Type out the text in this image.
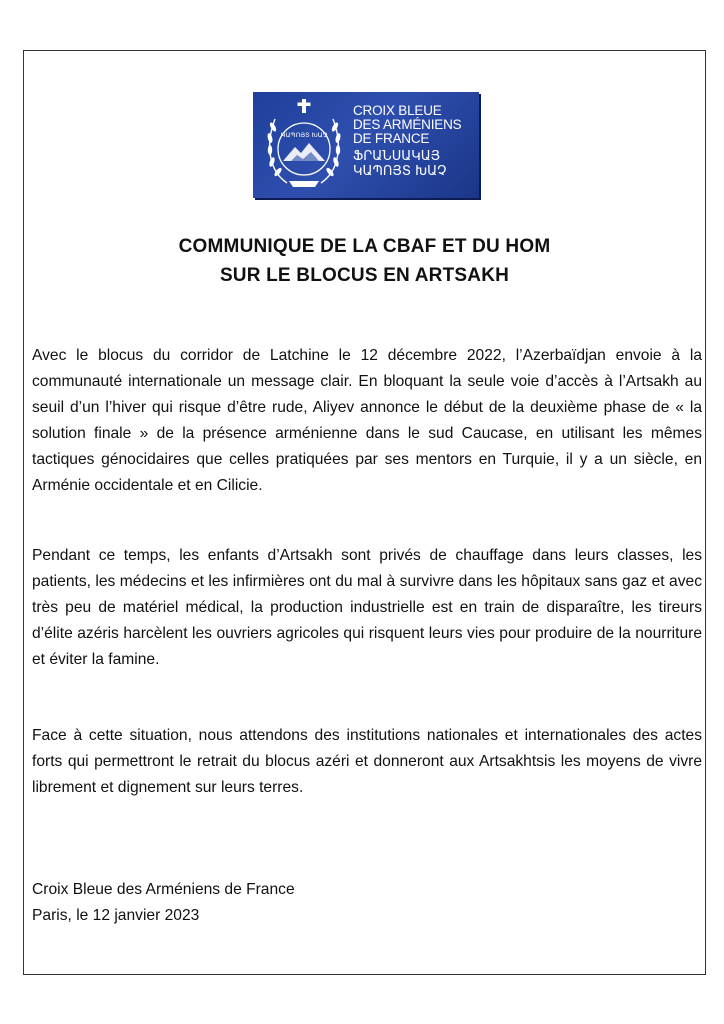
ԿԱՊՈՅՏ ԽԱՉ
CROIX BLEUE
DES ARMÉNIENS
DE FRANCE
ՖՐԱՆՍԱԿԱՅ
ԿԱՊՈՅՏ ԽԱՉ
COMMUNIQUE DE LA CBAF ET DU HOM
SUR LE BLOCUS EN ARTSAKH

Avec le blocus du corridor de Latchine le 12 décembre 2022, l’Azerbaïdjan envoie à la communauté internationale un message clair. En bloquant la seule voie d’accès à l’Artsakh au seuil d’un l’hiver qui risque d’être rude, Aliyev annonce le début de la deuxième phase de « la solution finale » de la présence arménienne dans le sud Caucase, en utilisant les mêmes tactiques génocidaires que celles pratiquées par ses mentors en Turquie, il y a un siècle, en Arménie occidentale et en Cilicie.

Pendant ce temps, les enfants d’Artsakh sont privés de chauffage dans leurs classes, les patients, les médecins et les infirmières ont du mal à survivre dans les hôpitaux sans gaz et avec très peu de matériel médical, la production industrielle est en train de disparaître, les tireurs d’élite azéris harcèlent les ouvriers agricoles qui risquent leurs vies pour produire de la nourriture et éviter la famine.

Face à cette situation, nous attendons des institutions nationales et internationales des actes forts qui permettront le retrait du blocus azéri et donneront aux Artsakhtsis les moyens de vivre librement et dignement sur leurs terres.

Croix Bleue des Arméniens de France
Paris, le 12 janvier 2023
